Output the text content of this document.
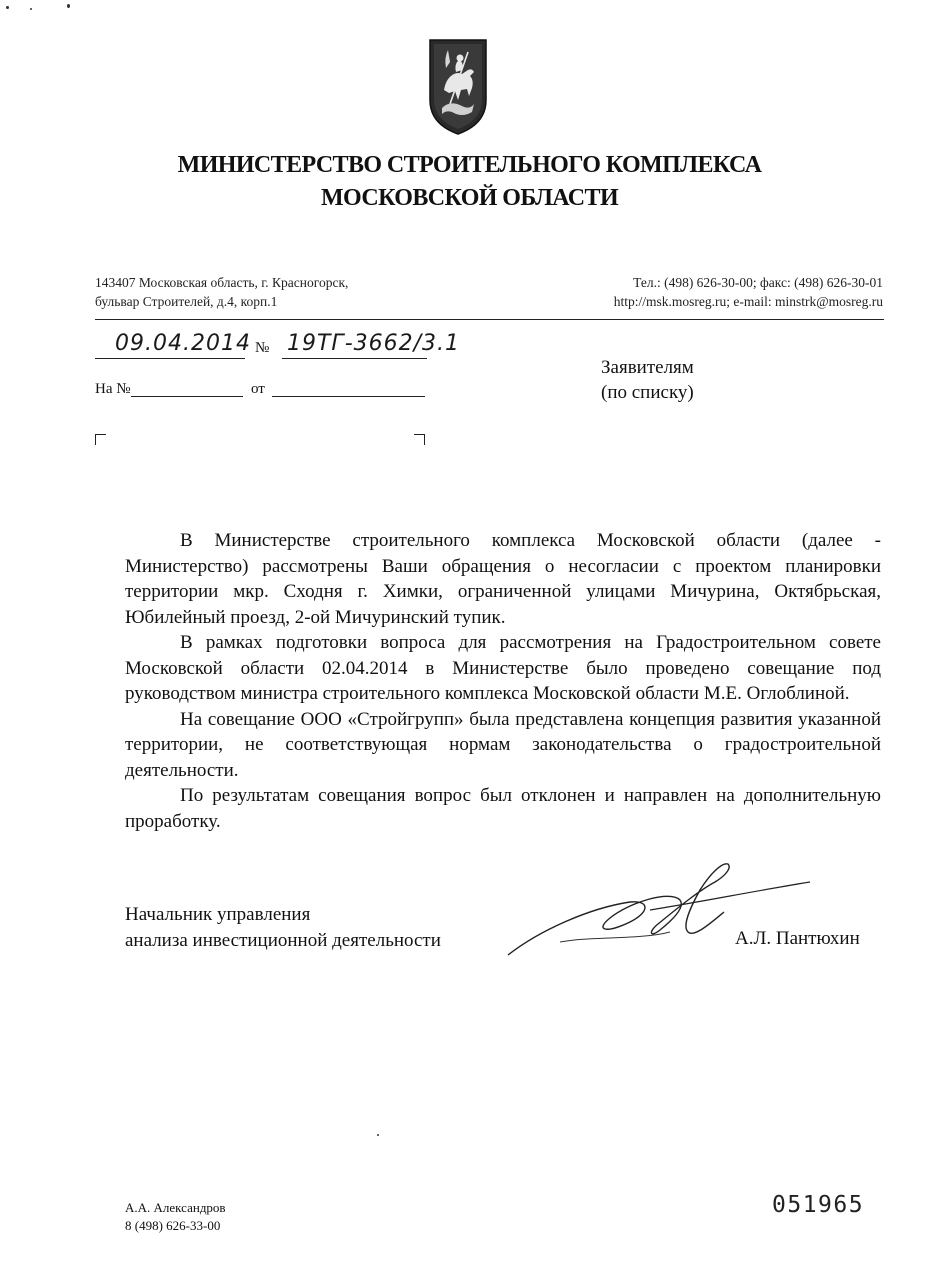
МИНИСТЕРСТВО СТРОИТЕЛЬНОГО КОМПЛЕКСА
МОСКОВСКОЙ ОБЛАСТИ
143407 Московская область, г. Красногорск,
бульвар Строителей, д.4, корп.1
Тел.: (498) 626-30-00; факс: (498) 626-30-01
http://msk.mosreg.ru; e-mail: minstrk@mosreg.ru
09.04.2014 № 19ТГ-3662/3.1
На №	от
Заявителям
(по списку)

В Министерстве строительного комплекса Московской области (далее - Министерство) рассмотрены Ваши обращения о несогласии с проектом планировки территории мкр. Сходня г. Химки, ограниченной улицами Мичурина, Октябрьская, Юбилейный проезд, 2-ой Мичуринский тупик.

В рамках подготовки вопроса для рассмотрения на Градостроительном совете Московской области 02.04.2014 в Министерстве было проведено совещание под руководством министра строительного комплекса Московской области М.Е. Оглоблиной.

На совещание ООО «Стройгрупп» была представлена концепция развития указанной территории, не соответствующая нормам законодательства о градостроительной деятельности.

По результатам совещания вопрос был отклонен и направлен на дополнительную проработку.

Начальник управления
анализа инвестиционной деятельности	А.Л. Пантюхин
А.А. Александров
8 (498) 626-33-00
051965
